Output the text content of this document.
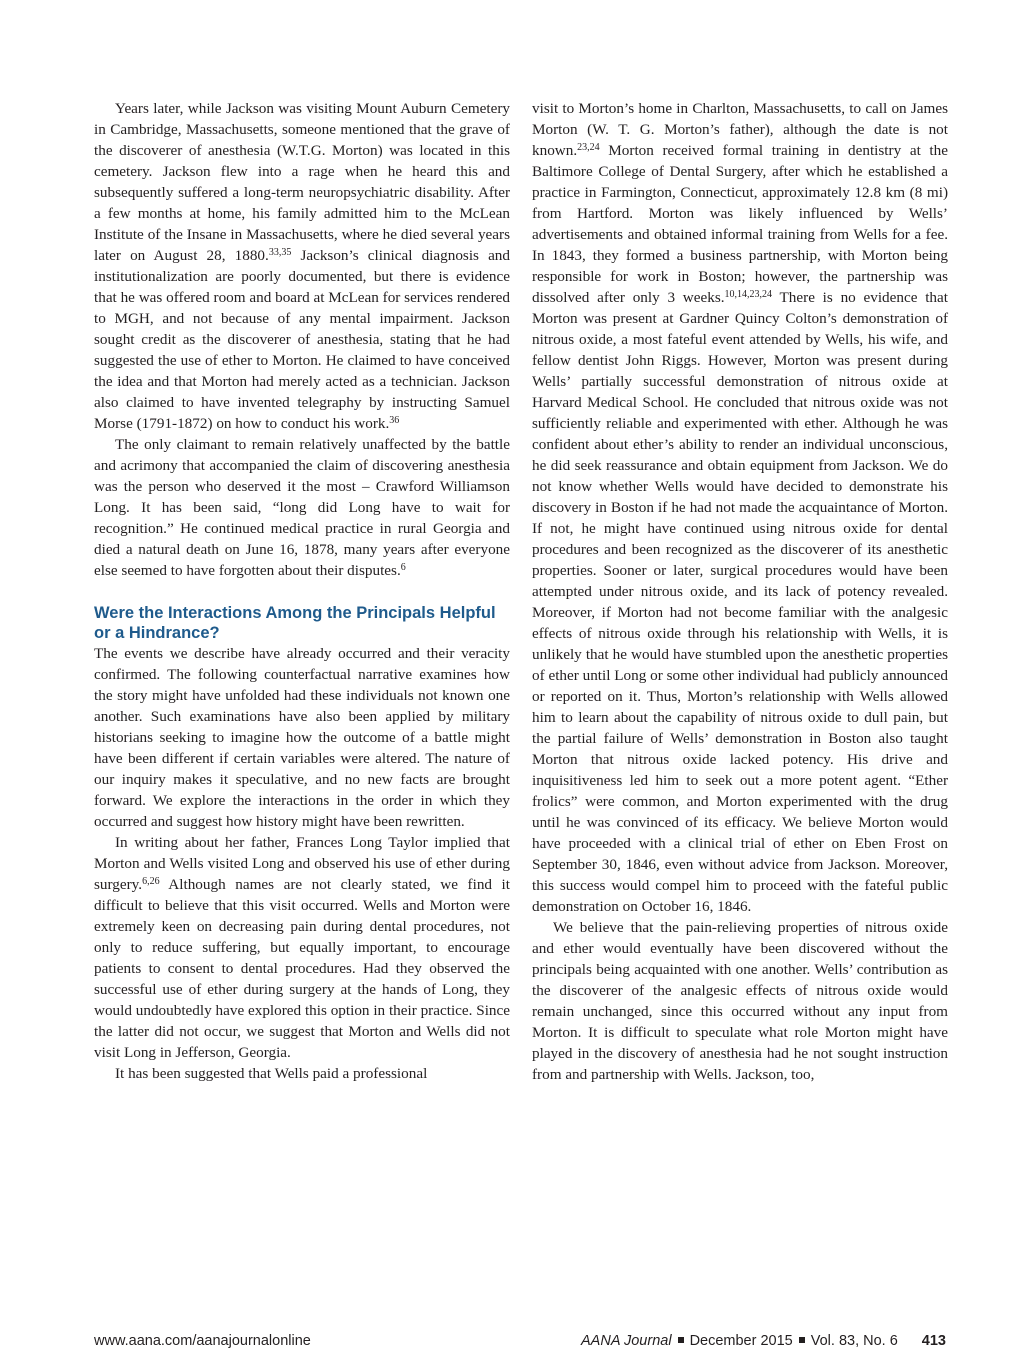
Years later, while Jackson was visiting Mount Auburn Cemetery in Cambridge, Massachusetts, someone mentioned that the grave of the discoverer of anesthesia (W.T.G. Morton) was located in this cemetery. Jackson flew into a rage when he heard this and subsequently suffered a long-term neuropsychiatric disability. After a few months at home, his family admitted him to the McLean Institute of the Insane in Massachusetts, where he died several years later on August 28, 1880.$^{33,35}$ Jackson’s clinical diagnosis and institutionalization are poorly documented, but there is evidence that he was offered room and board at McLean for services rendered to MGH, and not because of any mental impairment. Jackson sought credit as the discoverer of anesthesia, stating that he had suggested the use of ether to Morton. He claimed to have conceived the idea and that Morton had merely acted as a technician. Jackson also claimed to have invented telegraphy by instructing Samuel Morse (1791-1872) on how to conduct his work.$^{36}$

The only claimant to remain relatively unaffected by the battle and acrimony that accompanied the claim of discovering anesthesia was the person who deserved it the most – Crawford Williamson Long. It has been said, “long did Long have to wait for recognition.” He continued medical practice in rural Georgia and died a natural death on June 16, 1878, many years after everyone else seemed to have forgotten about their disputes.$^6$

Were the Interactions Among the Principals Helpful or a Hindrance?

The events we describe have already occurred and their veracity confirmed. The following counterfactual narrative examines how the story might have unfolded had these individuals not known one another. Such examinations have also been applied by military historians seeking to imagine how the outcome of a battle might have been different if certain variables were altered. The nature of our inquiry makes it speculative, and no new facts are brought forward. We explore the interactions in the order in which they occurred and suggest how history might have been rewritten.

In writing about her father, Frances Long Taylor implied that Morton and Wells visited Long and observed his use of ether during surgery.$^{6,26}$ Although names are not clearly stated, we find it difficult to believe that this visit occurred. Wells and Morton were extremely keen on decreasing pain during dental procedures, not only to reduce suffering, but equally important, to encourage patients to consent to dental procedures. Had they observed the successful use of ether during surgery at the hands of Long, they would undoubtedly have explored this option in their practice. Since the latter did not occur, we suggest that Morton and Wells did not visit Long in Jefferson, Georgia.

It has been suggested that Wells paid a professional

visit to Morton’s home in Charlton, Massachusetts, to call on James Morton (W. T. G. Morton’s father), although the date is not known.$^{23,24}$ Morton received formal training in dentistry at the Baltimore College of Dental Surgery, after which he established a practice in Farmington, Connecticut, approximately 12.8 km (8 mi) from Hartford. Morton was likely influenced by Wells’ advertisements and obtained informal training from Wells for a fee. In 1843, they formed a business partnership, with Morton being responsible for work in Boston; however, the partnership was dissolved after only 3 weeks.$^{10,14,23,24}$ There is no evidence that Morton was present at Gardner Quincy Colton’s demonstration of nitrous oxide, a most fateful event attended by Wells, his wife, and fellow dentist John Riggs. However, Morton was present during Wells’ partially successful demonstration of nitrous oxide at Harvard Medical School. He concluded that nitrous oxide was not sufficiently reliable and experimented with ether. Although he was confident about ether’s ability to render an individual unconscious, he did seek reassurance and obtain equipment from Jackson. We do not know whether Wells would have decided to demonstrate his discovery in Boston if he had not made the acquaintance of Morton. If not, he might have continued using nitrous oxide for dental procedures and been recognized as the discoverer of its anesthetic properties. Sooner or later, surgical procedures would have been attempted under nitrous oxide, and its lack of potency revealed. Moreover, if Morton had not become familiar with the analgesic effects of nitrous oxide through his relationship with Wells, it is unlikely that he would have stumbled upon the anesthetic properties of ether until Long or some other individual had publicly announced or reported on it. Thus, Morton’s relationship with Wells allowed him to learn about the capability of nitrous oxide to dull pain, but the partial failure of Wells’ demonstration in Boston also taught Morton that nitrous oxide lacked potency. His drive and inquisitiveness led him to seek out a more potent agent. “Ether frolics” were common, and Morton experimented with the drug until he was convinced of its efficacy. We believe Morton would have proceeded with a clinical trial of ether on Eben Frost on September 30, 1846, even without advice from Jackson. Moreover, this success would compel him to proceed with the fateful public demonstration on October 16, 1846.

We believe that the pain-relieving properties of nitrous oxide and ether would eventually have been discovered without the principals being acquainted with one another. Wells’ contribution as the discoverer of the analgesic effects of nitrous oxide would remain unchanged, since this occurred without any input from Morton. It is difficult to speculate what role Morton might have played in the discovery of anesthesia had he not sought instruction from and partnership with Wells. Jackson, too,

www.aana.com/aanajournalonline	AANA Journal December 2015 Vol. 83, No. 6 413
